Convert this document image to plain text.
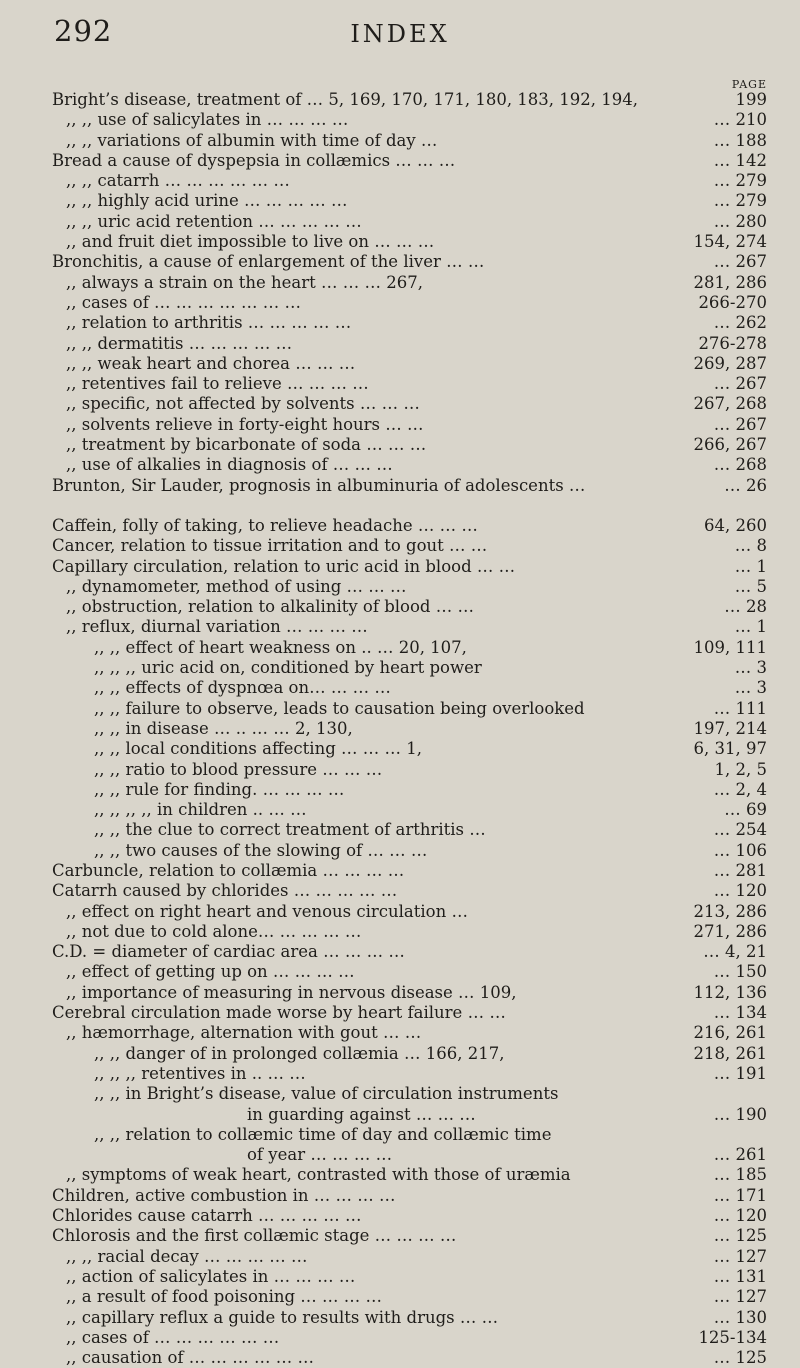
292	INDEX
PAGE
Bright’s disease, treatment of … 5, 169, 170, 171, 180, 183, 192, 194,	199
,, ,, use of salicylates in … … … …	… 210
,, ,, variations of albumin with time of day …	… 188
Bread a cause of dyspepsia in collæmics … … …	… 142
,, ,, catarrh … … … … … …	… 279
,, ,, highly acid urine … … … … …	… 279
,, ,, uric acid retention … … … … …	… 280
,, and fruit diet impossible to live on … … …	154, 274
Bronchitis, a cause of enlargement of the liver … …	… 267
,, always a strain on the heart … … … 267,	281, 286
,, cases of … … … … … … …	266-270
,, relation to arthritis … … … … …	… 262
,, ,, dermatitis … … … … …	276-278
,, ,, weak heart and chorea … … …	269, 287
,, retentives fail to relieve … … … …	… 267
,, specific, not affected by solvents … … …	267, 268
,, solvents relieve in forty-eight hours … …	… 267
,, treatment by bicarbonate of soda … … …	266, 267
,, use of alkalies in diagnosis of … … …	… 268
Brunton, Sir Lauder, prognosis in albuminuria of adolescents …	… 26
Caffein, folly of taking, to relieve headache … … …	64, 260
Cancer, relation to tissue irritation and to gout … …	… 8
Capillary circulation, relation to uric acid in blood … …	… 1
,, dynamometer, method of using … … …	… 5
,, obstruction, relation to alkalinity of blood … …	… 28
,, reflux, diurnal variation … … … …	… 1
,, ,, effect of heart weakness on .. … 20, 107,	109, 111
,, ,, ,, uric acid on, conditioned by heart power	… 3
,, ,, effects of dyspnœa on… … … …	… 3
,, ,, failure to observe, leads to causation being overlooked	… 111
,, ,, in disease … .. … … 2, 130,	197, 214
,, ,, local conditions affecting … … … 1,	6, 31, 97
,, ,, ratio to blood pressure … … …	1, 2, 5
,, ,, rule for finding. … … … …	… 2, 4
,, ,, ,, ,, in children .. … …	… 69
,, ,, the clue to correct treatment of arthritis …	… 254
,, ,, two causes of the slowing of … … …	… 106
Carbuncle, relation to collæmia … … … …	… 281
Catarrh caused by chlorides … … … … …	… 120
,, effect on right heart and venous circulation …	213, 286
,, not due to cold alone… … … … …	271, 286
C.D. = diameter of cardiac area … … … …	… 4, 21
,, effect of getting up on … … … …	… 150
,, importance of measuring in nervous disease … 109,	112, 136
Cerebral circulation made worse by heart failure … …	… 134
,, hæmorrhage, alternation with gout … …	216, 261
,, ,, danger of in prolonged collæmia … 166, 217,	218, 261
,, ,, ,, retentives in .. … …	… 191
,, ,, in Bright’s disease, value of circulation instruments
in guarding against … … …	… 190
,, ,, relation to collæmic time of day and collæmic time
of year … … … …	… 261
,, symptoms of weak heart, contrasted with those of uræmia	… 185
Children, active combustion in … … … …	… 171
Chlorides cause catarrh … … … … …	… 120
Chlorosis and the first collæmic stage … … … …	… 125
,, ,, racial decay … … … … …	… 127
,, action of salicylates in … … … …	… 131
,, a result of food poisoning … … … …	… 127
,, capillary reflux a guide to results with drugs … …	… 130
,, cases of … … … … … …	125-134
,, causation of … … … … … …	… 125
